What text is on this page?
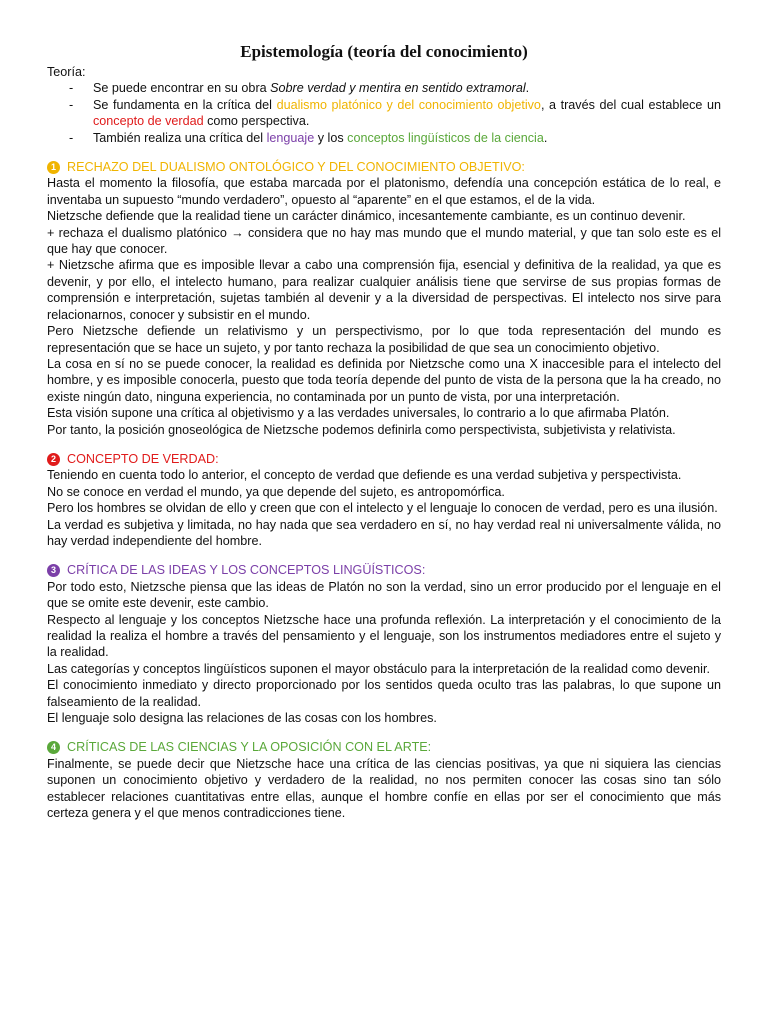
Epistemología (teoría del conocimiento)

Teoría:

- Se puede encontrar en su obra Sobre verdad y mentira en sentido extramoral.
- Se fundamenta en la crítica del dualismo platónico y del conocimiento objetivo, a través del cual establece un concepto de verdad como perspectiva.
- También realiza una crítica del lenguaje y los conceptos lingüísticos de la ciencia.
1 RECHAZO DEL DUALISMO ONTOLÓGICO Y DEL CONOCIMIENTO OBJETIVO:

Hasta el momento la filosofía, que estaba marcada por el platonismo, defendía una concepción estática de lo real, e inventaba un supuesto “mundo verdadero”, opuesto al “aparente” en el que estamos, el de la vida.

Nietzsche defiende que la realidad tiene un carácter dinámico, incesantemente cambiante, es un continuo devenir.

+ rechaza el dualismo platónico → considera que no hay mas mundo que el mundo material, y que tan solo este es el que hay que conocer.

+ Nietzsche afirma que es imposible llevar a cabo una comprensión fija, esencial y definitiva de la realidad, ya que es devenir, y por ello, el intelecto humano, para realizar cualquier análisis tiene que servirse de sus propias formas de comprensión e interpretación, sujetas también al devenir y a la diversidad de perspectivas. El intelecto nos sirve para relacionarnos, conocer y subsistir en el mundo.

Pero Nietzsche defiende un relativismo y un perspectivismo, por lo que toda representación del mundo es representación que se hace un sujeto, y por tanto rechaza la posibilidad de que sea un conocimiento objetivo.

La cosa en sí no se puede conocer, la realidad es definida por Nietzsche como una X inaccesible para el intelecto del hombre, y es imposible conocerla, puesto que toda teoría depende del punto de vista de la persona que la ha creado, no existe ningún dato, ninguna experiencia, no contaminada por un punto de vista, por una interpretación.

Esta visión supone una crítica al objetivismo y a las verdades universales, lo contrario a lo que afirmaba Platón.

Por tanto, la posición gnoseológica de Nietzsche podemos definirla como perspectivista, subjetivista y relativista.

2 CONCEPTO DE VERDAD:

Teniendo en cuenta todo lo anterior, el concepto de verdad que defiende es una verdad subjetiva y perspectivista.

No se conoce en verdad el mundo, ya que depende del sujeto, es antropomórfica.

Pero los hombres se olvidan de ello y creen que con el intelecto y el lenguaje lo conocen de verdad, pero es una ilusión.

La verdad es subjetiva y limitada, no hay nada que sea verdadero en sí, no hay verdad real ni universalmente válida, no hay verdad independiente del hombre.

3 CRÍTICA DE LAS IDEAS Y LOS CONCEPTOS LINGÜÍSTICOS:

Por todo esto, Nietzsche piensa que las ideas de Platón no son la verdad, sino un error producido por el lenguaje en el que se omite este devenir, este cambio.

Respecto al lenguaje y los conceptos Nietzsche hace una profunda reflexión. La interpretación y el conocimiento de la realidad la realiza el hombre a través del pensamiento y el lenguaje, son los instrumentos mediadores entre el sujeto y la realidad.

Las categorías y conceptos lingüísticos suponen el mayor obstáculo para la interpretación de la realidad como devenir.

El conocimiento inmediato y directo proporcionado por los sentidos queda oculto tras las palabras, lo que supone un falseamiento de la realidad.

El lenguaje solo designa las relaciones de las cosas con los hombres.

4 CRÍTICAS DE LAS CIENCIAS Y LA OPOSICIÓN CON EL ARTE:

Finalmente, se puede decir que Nietzsche hace una crítica de las ciencias positivas, ya que ni siquiera las ciencias suponen un conocimiento objetivo y verdadero de la realidad, no nos permiten conocer las cosas sino tan sólo establecer relaciones cuantitativas entre ellas, aunque el hombre confíe en ellas por ser el conocimiento que más certeza genera y el que menos contradicciones tiene.
